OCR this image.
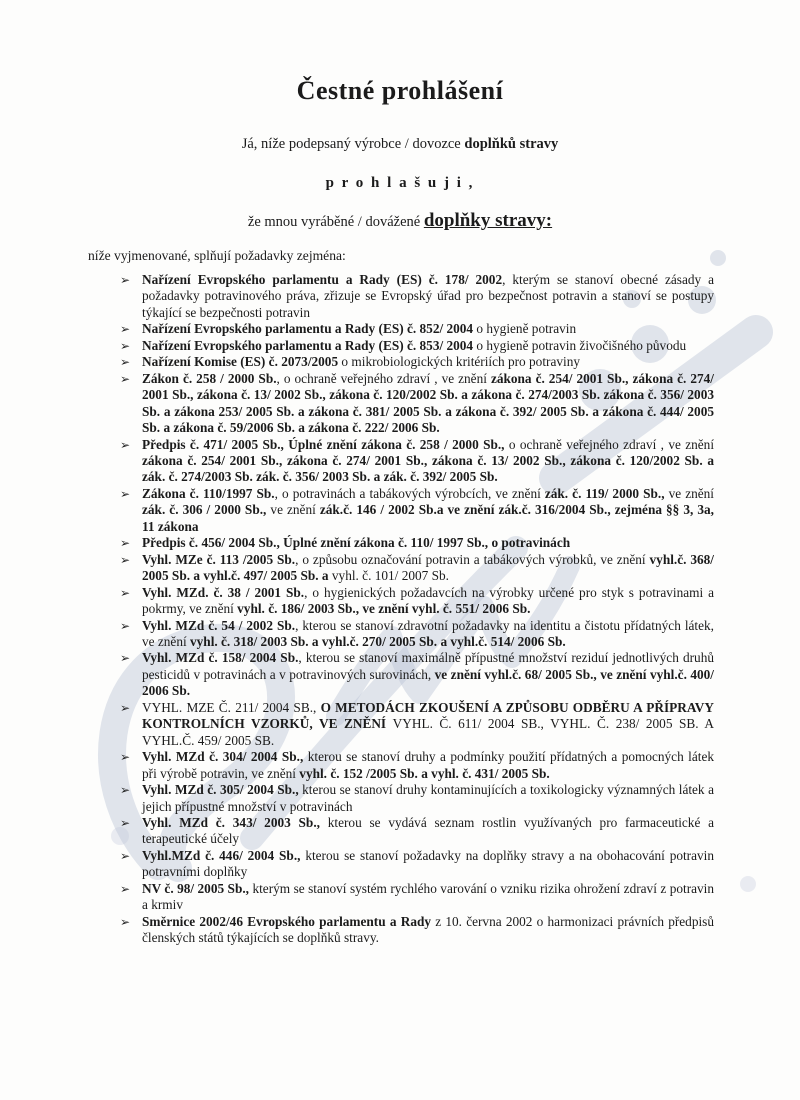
Čestné prohlášení

Já, níže podepsaný výrobce / dovozce doplňků stravy

p r o h l a š u j i ,

že mnou vyráběné / dovážené doplňky stravy:

níže vyjmenované, splňují požadavky zejména:

➢ Nařízení Evropského parlamentu a Rady (ES) č. 178/ 2002, kterým se stanoví obecné zásady a požadavky potravinového práva, zřizuje se Evropský úřad pro bezpečnost potravin a stanoví se postupy týkající se bezpečnosti potravin
➢ Nařízení Evropského parlamentu a Rady (ES) č. 852/ 2004 o hygieně potravin
➢ Nařízení Evropského parlamentu a Rady (ES) č. 853/ 2004 o hygieně potravin živočišného původu
➢ Nařízení Komise (ES) č. 2073/2005 o mikrobiologických kritériích pro potraviny
➢ Zákon č. 258 / 2000 Sb., o ochraně veřejného zdraví , ve znění zákona č. 254/ 2001 Sb., zákona č. 274/ 2001 Sb., zákona č. 13/ 2002 Sb., zákona č. 120/2002 Sb. a zákona č. 274/2003 Sb. zákona č. 356/ 2003 Sb. a zákona 253/ 2005 Sb. a zákona č. 381/ 2005 Sb. a zákona č. 392/ 2005 Sb. a zákona č. 444/ 2005 Sb. a zákona č. 59/2006 Sb. a zákona č. 222/ 2006 Sb.
➢ Předpis č. 471/ 2005 Sb., Úplné znění zákona č. 258 / 2000 Sb., o ochraně veřejného zdraví , ve znění zákona č. 254/ 2001 Sb., zákona č. 274/ 2001 Sb., zákona č. 13/ 2002 Sb., zákona č. 120/2002 Sb. a zák. č. 274/2003 Sb. zák. č. 356/ 2003 Sb. a zák. č. 392/ 2005 Sb.
➢ Zákona č. 110/1997 Sb., o potravinách a tabákových výrobcích, ve znění zák. č. 119/ 2000 Sb., ve znění zák. č. 306 / 2000 Sb., ve znění zák.č. 146 / 2002 Sb.a ve znění zák.č. 316/2004 Sb., zejména §§ 3, 3a, 11 zákona
➢ Předpis č. 456/ 2004 Sb., Úplné znění zákona č. 110/ 1997 Sb., o potravinách
➢ Vyhl. MZe č. 113 /2005 Sb., o způsobu označování potravin a tabákových výrobků, ve znění vyhl.č. 368/ 2005 Sb. a vyhl.č. 497/ 2005 Sb. a vyhl. č. 101/ 2007 Sb.
➢ Vyhl. MZd. č. 38 / 2001 Sb., o hygienických požadavcích na výrobky určené pro styk s potravinami a pokrmy, ve znění vyhl. č. 186/ 2003 Sb., ve znění vyhl. č. 551/ 2006 Sb.
➢ Vyhl. MZd č. 54 / 2002 Sb., kterou se stanoví zdravotní požadavky na identitu a čistotu přídatných látek, ve znění vyhl. č. 318/ 2003 Sb. a vyhl.č. 270/ 2005 Sb. a vyhl.č. 514/ 2006 Sb.
➢ Vyhl. MZd č. 158/ 2004 Sb., kterou se stanoví maximálně přípustné množství reziduí jednotlivých druhů pesticidů v potravinách a v potravinových surovinách, ve znění vyhl.č. 68/ 2005 Sb., ve znění vyhl.č. 400/ 2006 Sb.
➢ VYHL. MZE Č. 211/ 2004 SB., O METODÁCH ZKOUŠENÍ A ZPŮSOBU ODBĚRU A PŘÍPRAVY KONTROLNÍCH VZORKŮ, VE ZNĚNÍ VYHL. Č. 611/ 2004 SB., VYHL. Č. 238/ 2005 SB. A VYHL.Č. 459/ 2005 SB.
➢ Vyhl. MZd č. 304/ 2004 Sb., kterou se stanoví druhy a podmínky použití přídatných a pomocných látek při výrobě potravin, ve znění vyhl. č. 152 /2005 Sb. a vyhl. č. 431/ 2005 Sb.
➢ Vyhl. MZd č. 305/ 2004 Sb., kterou se stanoví druhy kontaminujících a toxikologicky významných látek a jejich přípustné množství v potravinách
➢ Vyhl. MZd č. 343/ 2003 Sb., kterou se vydává seznam rostlin využívaných pro farmaceutické a terapeutické účely
➢ Vyhl.MZd č. 446/ 2004 Sb., kterou se stanoví požadavky na doplňky stravy a na obohacování potravin potravními doplňky
➢ NV č. 98/ 2005 Sb., kterým se stanoví systém rychlého varování o vzniku rizika ohrožení zdraví z potravin a krmiv
➢ Směrnice 2002/46 Evropského parlamentu a Rady z 10. června 2002 o harmonizaci právních předpisů členských států týkajících se doplňků stravy.
